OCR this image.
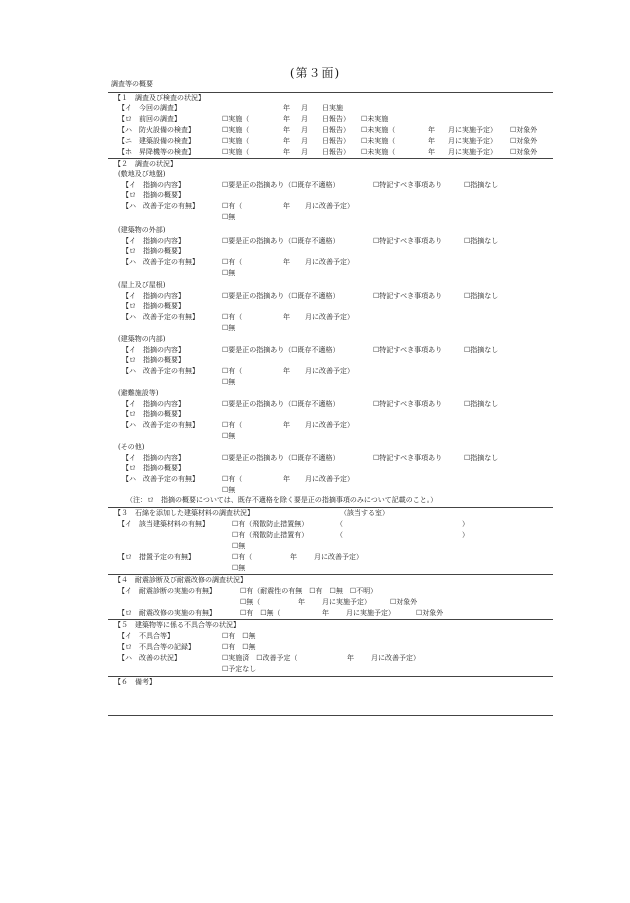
(第３面)
調査等の概要
【１　調査及び検査の状況】
【イ　今回の調査】	年 月 日実施
【ロ　前回の調査】	☐実施（	年 月 日報告） ☐未実施
【ハ　防火設備の検査】	☐実施（	年 月 日報告） ☐未実施（	年 月に実施予定） ☐対象外
【ニ　建築設備の検査】	☐実施（	年 月 日報告） ☐未実施（	年 月に実施予定） ☐対象外
【ホ　昇降機等の検査】	☐実施（	年 月 日報告） ☐未実施（	年 月に実施予定） ☐対象外
【２　調査の状況】
(敷地及び地盤)
【イ　指摘の内容】	☐要是正の指摘あり（☐既存不適格）	☐特記すべき事項あり	☐指摘なし
【ロ　指摘の概要】
【ハ　改善予定の有無】	☐有（	年 月に改善予定）
☐無
(建築物の外部)
【イ　指摘の内容】	☐要是正の指摘あり（☐既存不適格）	☐特記すべき事項あり	☐指摘なし
【ロ　指摘の概要】
【ハ　改善予定の有無】	☐有（	年 月に改善予定）
☐無
(屋上及び屋根)
【イ　指摘の内容】	☐要是正の指摘あり（☐既存不適格）	☐特記すべき事項あり	☐指摘なし
【ロ　指摘の概要】
【ハ　改善予定の有無】	☐有（	年 月に改善予定）
☐無
(建築物の内部)
【イ　指摘の内容】	☐要是正の指摘あり（☐既存不適格）	☐特記すべき事項あり	☐指摘なし
【ロ　指摘の概要】
【ハ　改善予定の有無】	☐有（	年 月に改善予定）
☐無
(避難施設等)
【イ　指摘の内容】	☐要是正の指摘あり（☐既存不適格）	☐特記すべき事項あり	☐指摘なし
【ロ　指摘の概要】
【ハ　改善予定の有無】	☐有（	年 月に改善予定）
☐無
(その他)
【イ　指摘の内容】	☐要是正の指摘あり（☐既存不適格）	☐特記すべき事項あり	☐指摘なし
【ロ　指摘の概要】
【ハ　改善予定の有無】	☐有（	年 月に改善予定）
☐無
（注：ロ　指摘の概要については、既存不適格を除く要是正の指摘事項のみについて記載のこと。）
【３　石綿を添加した建築材料の調査状況】	（該当する室）
【イ　該当建築材料の有無】	☐有（飛散防止措置無）	（	）
☐有（飛散防止措置有）	（	）
☐無
【ロ　措置予定の有無】	☐有（	年 月に改善予定）
☐無
【４　耐震診断及び耐震改修の調査状況】
【イ　耐震診断の実施の有無】	☐有（耐震性の有無　☐有　☐無　☐不明）
☐無（	年 月に実施予定）	☐対象外
【ロ　耐震改修の実施の有無】	☐有　☐無（	年 月に実施予定）	☐対象外
【５　建築物等に係る不具合等の状況】
【イ　不具合等】	☐有　☐無
【ロ　不具合等の記録】	☐有　☐無
【ハ　改善の状況】	☐実施済　☐改善予定（	年 月に改善予定）
☐予定なし
【６　備考】
